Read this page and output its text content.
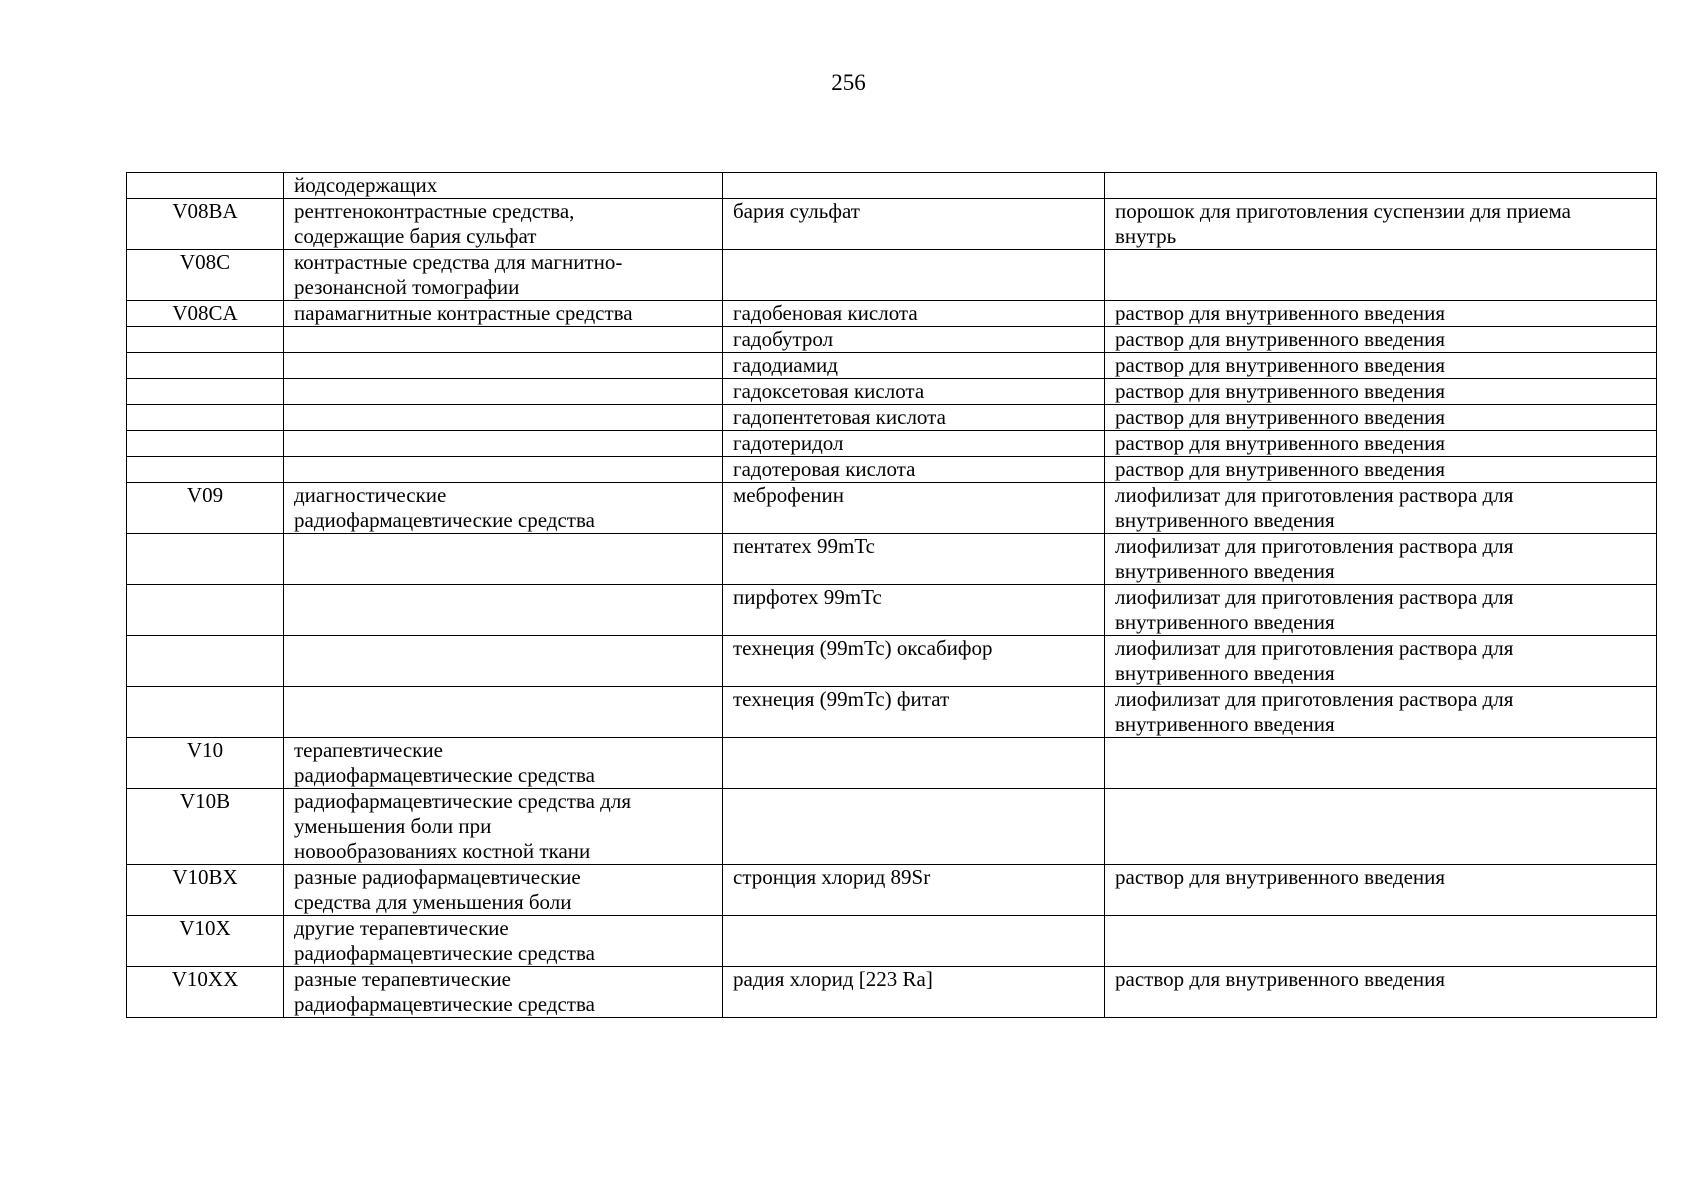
256
	йодсодержащих		
V08BA	рентгеноконтрастные средства,
содержащие бария сульфат	бария сульфат	порошок для приготовления суспензии для приема
внутрь
V08C	контрастные средства для магнитно-
резонансной томографии		
V08CA	парамагнитные контрастные средства	гадобеновая кислота	раствор для внутривенного введения
		гадобутрол	раствор для внутривенного введения
		гадодиамид	раствор для внутривенного введения
		гадоксетовая кислота	раствор для внутривенного введения
		гадопентетовая кислота	раствор для внутривенного введения
		гадотеридол	раствор для внутривенного введения
		гадотеровая кислота	раствор для внутривенного введения
V09	диагностические
радиофармацевтические средства	меброфенин	лиофилизат для приготовления раствора для
внутривенного введения
		пентатех 99mTc	лиофилизат для приготовления раствора для
внутривенного введения
		пирфотех 99mTc	лиофилизат для приготовления раствора для
внутривенного введения
		технеция (99mTc) оксабифор	лиофилизат для приготовления раствора для
внутривенного введения
		технеция (99mTc) фитат	лиофилизат для приготовления раствора для
внутривенного введения
V10	терапевтические
радиофармацевтические средства		
V10B	радиофармацевтические средства для
уменьшения боли при
новообразованиях костной ткани		
V10BX	разные радиофармацевтические
средства для уменьшения боли	стронция хлорид 89Sr	раствор для внутривенного введения
V10X	другие терапевтические
радиофармацевтические средства		
V10XX	разные терапевтические
радиофармацевтические средства	радия хлорид [223 Ra]	раствор для внутривенного введения
